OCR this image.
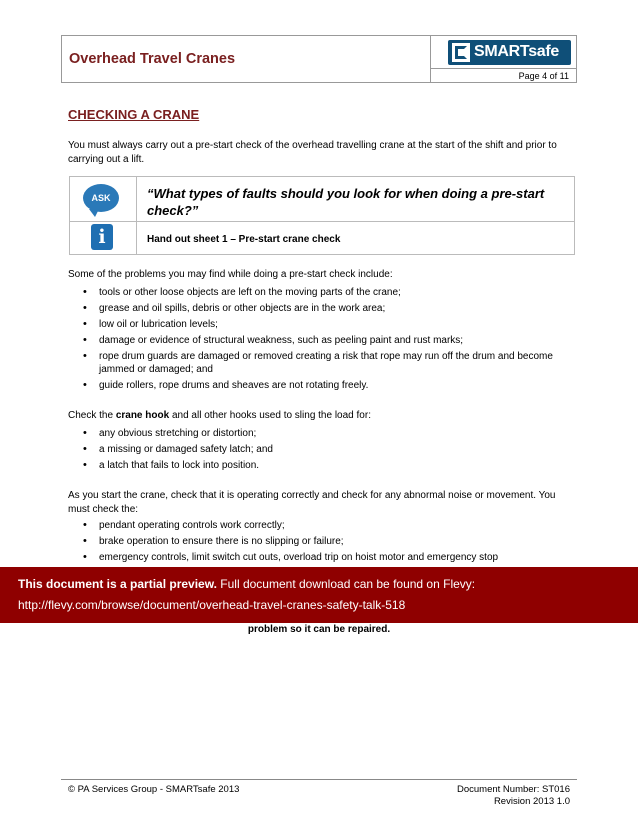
Overhead Travel Cranes	SMARTsafe
Page 4 of 11
CHECKING A CRANE
You must always carry out a pre-start check of the overhead travelling crane at the start of the shift and prior to carrying out a lift.
ASK
i
“What types of faults should you look for when doing a pre-start check?”
Hand out sheet 1 – Pre-start crane check
Some of the problems you may find while doing a pre-start check include:
• tools or other loose objects are left on the moving parts of the crane;
• grease and oil spills, debris or other objects are in the work area;
• low oil or lubrication levels;
• damage or evidence of structural weakness, such as peeling paint and rust marks;
• rope drum guards are damaged or removed creating a risk that rope may run off the drum and become jammed or damaged; and
• guide rollers, rope drums and sheaves are not rotating freely.
Check the crane hook and all other hooks used to sling the load for:
• any obvious stretching or distortion;
• a missing or damaged safety latch; and
• a latch that fails to lock into position.
As you start the crane, check that it is operating correctly and check for any abnormal noise or movement. You must check the:
• pendant operating controls work correctly;
• brake operation to ensure there is no slipping or failure;
• emergency controls, limit switch cut outs, overload trip on hoist motor and emergency stop
This document is a partial preview. Full document download can be found on Flevy:
http://flevy.com/browse/document/overhead-travel-cranes-safety-talk-518
problem so it can be repaired.
© PA Services Group - SMARTsafe 2013	Document Number: ST016
Revision 2013 1.0
